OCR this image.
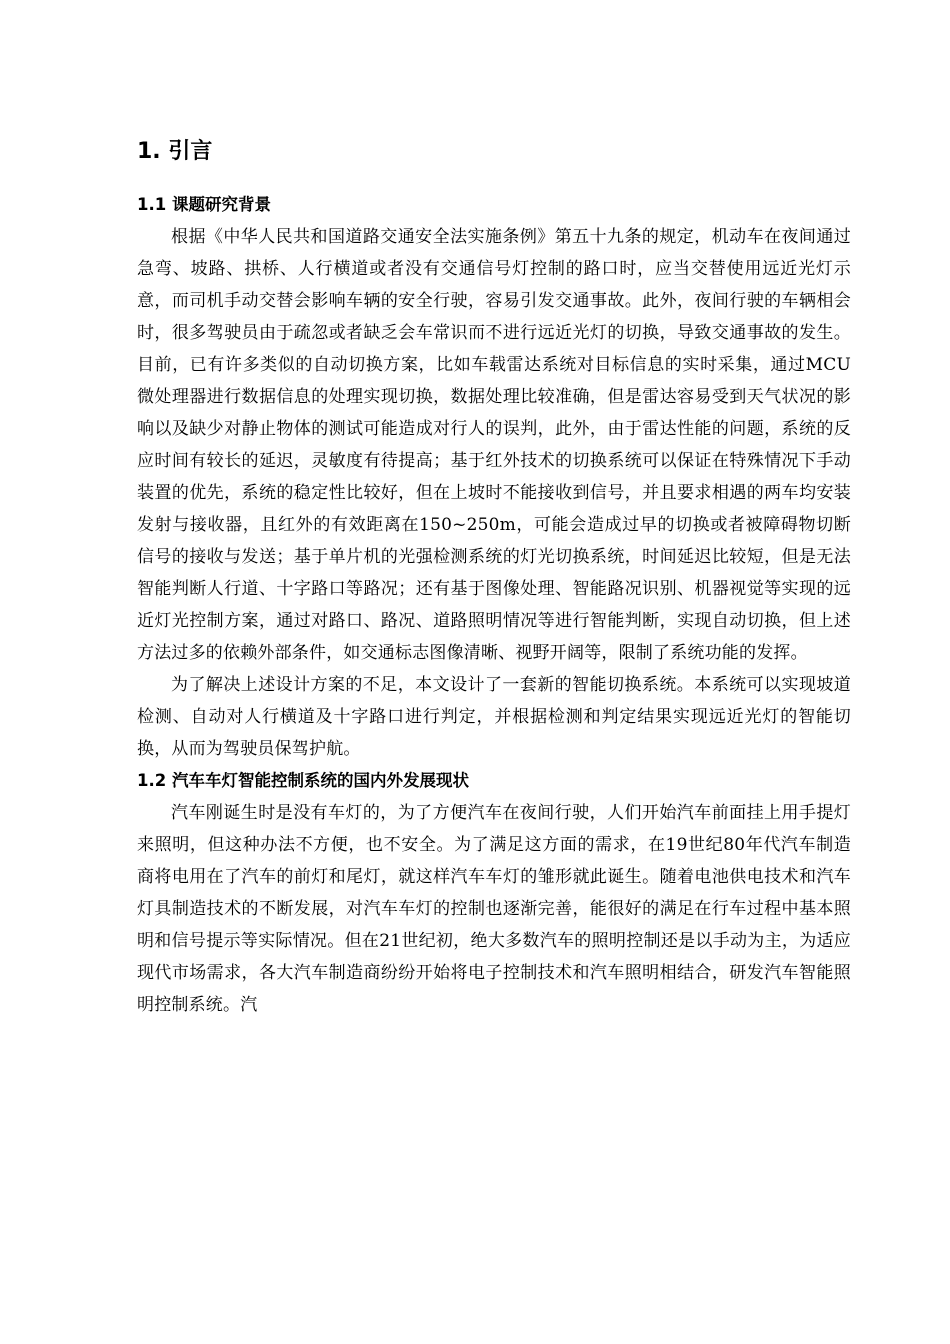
1. 引言
1.1 课题研究背景

根据《中华人民共和国道路交通安全法实施条例》第五十九条的规定，机动车在夜间通过急弯、坡路、拱桥、人行横道或者没有交通信号灯控制的路口时，应当交替使用远近光灯示意，而司机手动交替会影响车辆的安全行驶，容易引发交通事故。此外，夜间行驶的车辆相会时，很多驾驶员由于疏忽或者缺乏会车常识而不进行远近光灯的切换，导致交通事故的发生。目前，已有许多类似的自动切换方案，比如车载雷达系统对目标信息的实时采集，通过MCU微处理器进行数据信息的处理实现切换，数据处理比较准确，但是雷达容易受到天气状况的影响以及缺少对静止物体的测试可能造成对行人的误判，此外，由于雷达性能的问题，系统的反应时间有较长的延迟，灵敏度有待提高；基于红外技术的切换系统可以保证在特殊情况下手动装置的优先，系统的稳定性比较好，但在上坡时不能接收到信号，并且要求相遇的两车均安装发射与接收器，且红外的有效距离在150~250m，可能会造成过早的切换或者被障碍物切断信号的接收与发送；基于单片机的光强检测系统的灯光切换系统，时间延迟比较短，但是无法智能判断人行道、十字路口等路况；还有基于图像处理、智能路况识别、机器视觉等实现的远近灯光控制方案，通过对路口、路况、道路照明情况等进行智能判断，实现自动切换，但上述方法过多的依赖外部条件，如交通标志图像清晰、视野开阔等，限制了系统功能的发挥。

为了解决上述设计方案的不足，本文设计了一套新的智能切换系统。本系统可以实现坡道检测、自动对人行横道及十字路口进行判定，并根据检测和判定结果实现远近光灯的智能切换，从而为驾驶员保驾护航。

1.2 汽车车灯智能控制系统的国内外发展现状

汽车刚诞生时是没有车灯的，为了方便汽车在夜间行驶，人们开始汽车前面挂上用手提灯来照明，但这种办法不方便，也不安全。为了满足这方面的需求，在19世纪80年代汽车制造商将电用在了汽车的前灯和尾灯，就这样汽车车灯的雏形就此诞生。随着电池供电技术和汽车灯具制造技术的不断发展，对汽车车灯的控制也逐渐完善，能很好的满足在行车过程中基本照明和信号提示等实际情况。但在21世纪初，绝大多数汽车的照明控制还是以手动为主，为适应现代市场需求，各大汽车制造商纷纷开始将电子控制技术和汽车照明相结合，研发汽车智能照明控制系统。汽
